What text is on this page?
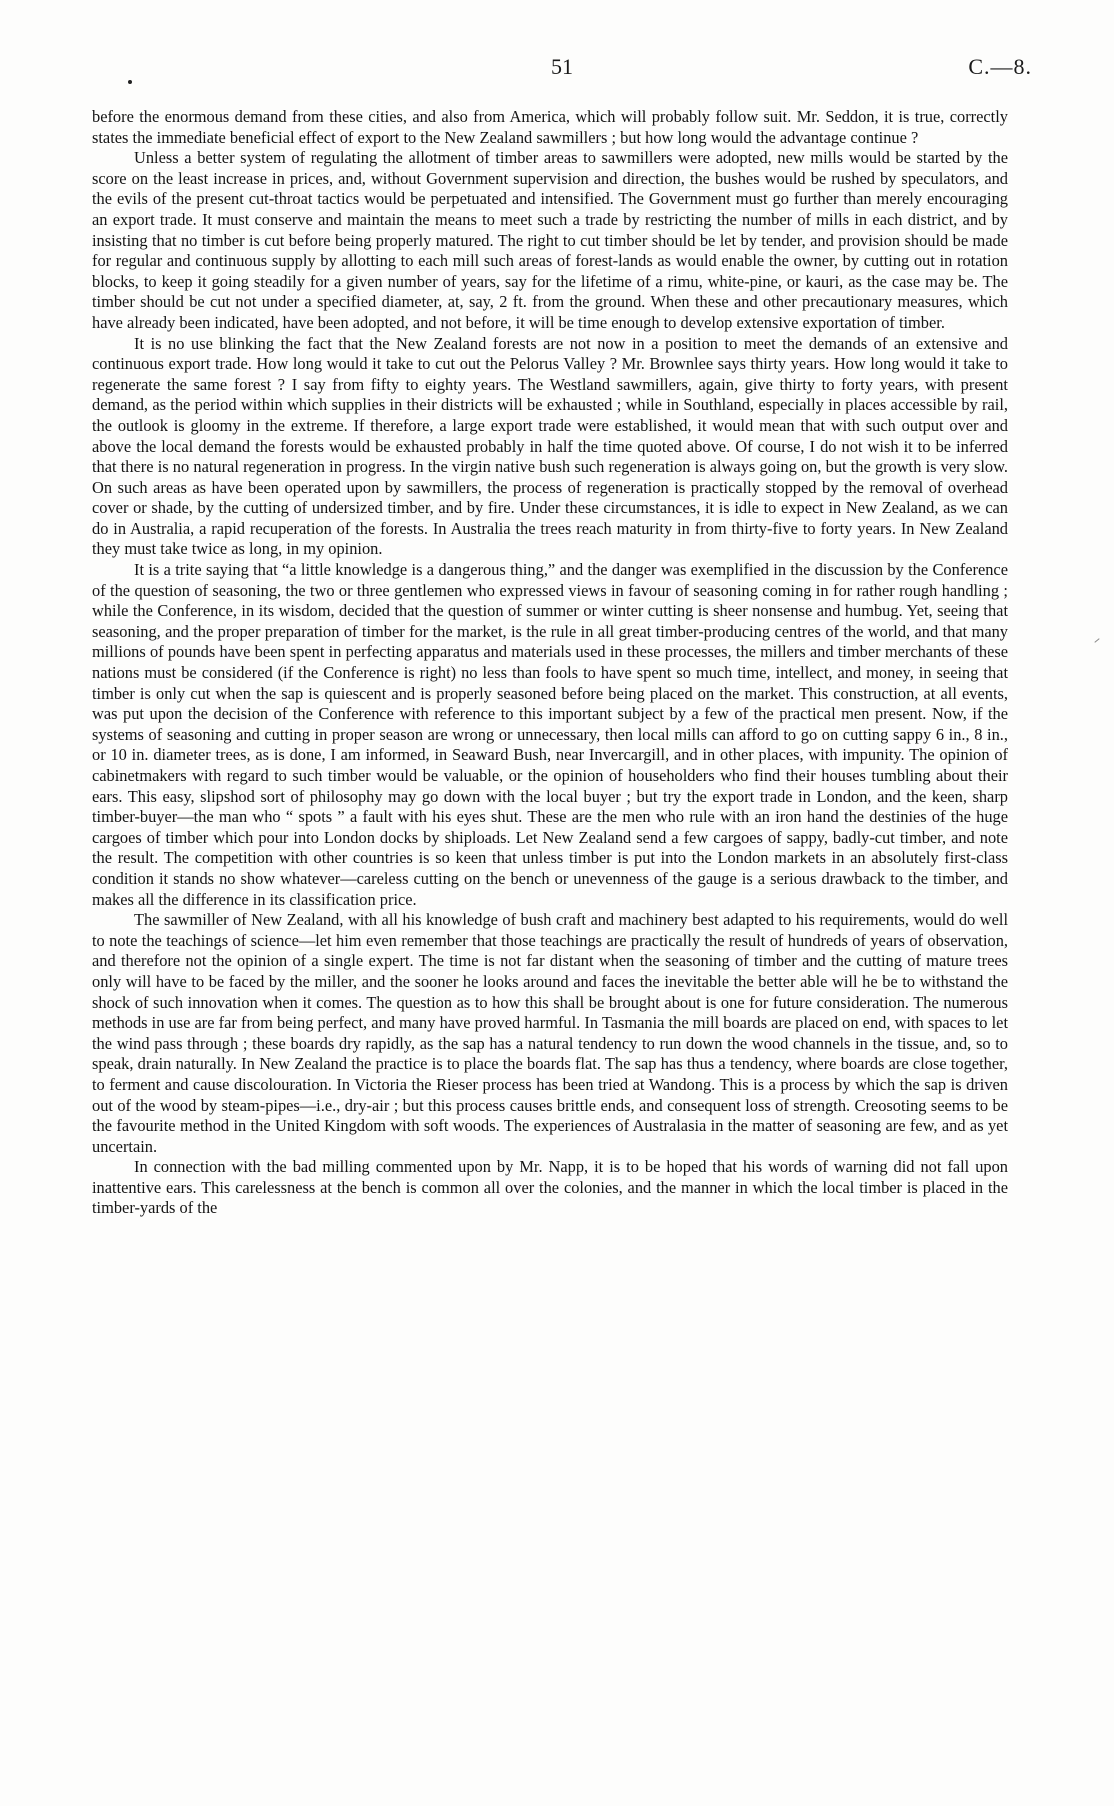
51	C.—8.

before the enormous demand from these cities, and also from America, which will probably follow suit. Mr. Seddon, it is true, correctly states the immediate beneficial effect of export to the New Zealand sawmillers ; but how long would the advantage continue ?

Unless a better system of regulating the allotment of timber areas to sawmillers were adopted, new mills would be started by the score on the least increase in prices, and, without Government supervision and direction, the bushes would be rushed by speculators, and the evils of the present cut-throat tactics would be perpetuated and intensified. The Government must go further than merely encouraging an export trade. It must conserve and maintain the means to meet such a trade by restricting the number of mills in each district, and by insisting that no timber is cut before being properly matured. The right to cut timber should be let by tender, and provision should be made for regular and continuous supply by allotting to each mill such areas of forest-lands as would enable the owner, by cutting out in rotation blocks, to keep it going steadily for a given number of years, say for the lifetime of a rimu, white-pine, or kauri, as the case may be. The timber should be cut not under a specified diameter, at, say, 2 ft. from the ground. When these and other precautionary measures, which have already been indicated, have been adopted, and not before, it will be time enough to develop extensive exportation of timber.

It is no use blinking the fact that the New Zealand forests are not now in a position to meet the demands of an extensive and continuous export trade. How long would it take to cut out the Pelorus Valley ? Mr. Brownlee says thirty years. How long would it take to regenerate the same forest ? I say from fifty to eighty years. The Westland sawmillers, again, give thirty to forty years, with present demand, as the period within which supplies in their districts will be exhausted ; while in Southland, especially in places accessible by rail, the outlook is gloomy in the extreme. If therefore, a large export trade were established, it would mean that with such output over and above the local demand the forests would be exhausted probably in half the time quoted above. Of course, I do not wish it to be inferred that there is no natural regeneration in progress. In the virgin native bush such regeneration is always going on, but the growth is very slow. On such areas as have been operated upon by sawmillers, the process of regeneration is practically stopped by the removal of overhead cover or shade, by the cutting of undersized timber, and by fire. Under these circumstances, it is idle to expect in New Zealand, as we can do in Australia, a rapid recuperation of the forests. In Australia the trees reach maturity in from thirty-five to forty years. In New Zealand they must take twice as long, in my opinion.

It is a trite saying that “a little knowledge is a dangerous thing,” and the danger was exemplified in the discussion by the Conference of the question of seasoning, the two or three gentlemen who expressed views in favour of seasoning coming in for rather rough handling ; while the Conference, in its wisdom, decided that the question of summer or winter cutting is sheer nonsense and humbug. Yet, seeing that seasoning, and the proper preparation of timber for the market, is the rule in all great timber-producing centres of the world, and that many millions of pounds have been spent in perfecting apparatus and materials used in these processes, the millers and timber merchants of these nations must be considered (if the Conference is right) no less than fools to have spent so much time, intellect, and money, in seeing that timber is only cut when the sap is quiescent and is properly seasoned before being placed on the market. This construction, at all events, was put upon the decision of the Conference with reference to this important subject by a few of the practical men present. Now, if the systems of seasoning and cutting in proper season are wrong or unnecessary, then local mills can afford to go on cutting sappy 6 in., 8 in., or 10 in. diameter trees, as is done, I am informed, in Seaward Bush, near Invercargill, and in other places, with impunity. The opinion of cabinetmakers with regard to such timber would be valuable, or the opinion of householders who find their houses tumbling about their ears. This easy, slipshod sort of philosophy may go down with the local buyer ; but try the export trade in London, and the keen, sharp timber-buyer—the man who “ spots ” a fault with his eyes shut. These are the men who rule with an iron hand the destinies of the huge cargoes of timber which pour into London docks by shiploads. Let New Zealand send a few cargoes of sappy, badly-cut timber, and note the result. The competition with other countries is so keen that unless timber is put into the London markets in an absolutely first-class condition it stands no show whatever—careless cutting on the bench or unevenness of the gauge is a serious drawback to the timber, and makes all the difference in its classification price.

The sawmiller of New Zealand, with all his knowledge of bush craft and machinery best adapted to his requirements, would do well to note the teachings of science—let him even remember that those teachings are practically the result of hundreds of years of observation, and therefore not the opinion of a single expert. The time is not far distant when the seasoning of timber and the cutting of mature trees only will have to be faced by the miller, and the sooner he looks around and faces the inevitable the better able will he be to withstand the shock of such innovation when it comes. The question as to how this shall be brought about is one for future consideration. The numerous methods in use are far from being perfect, and many have proved harmful. In Tasmania the mill boards are placed on end, with spaces to let the wind pass through ; these boards dry rapidly, as the sap has a natural tendency to run down the wood channels in the tissue, and, so to speak, drain naturally. In New Zealand the practice is to place the boards flat. The sap has thus a tendency, where boards are close together, to ferment and cause discolouration. In Victoria the Rieser process has been tried at Wandong. This is a process by which the sap is driven out of the wood by steam-pipes—i.e., dry-air ; but this process causes brittle ends, and consequent loss of strength. Creosoting seems to be the favourite method in the United Kingdom with soft woods. The experiences of Australasia in the matter of seasoning are few, and as yet uncertain.

In connection with the bad milling commented upon by Mr. Napp, it is to be hoped that his words of warning did not fall upon inattentive ears. This carelessness at the bench is common all over the colonies, and the manner in which the local timber is placed in the timber-yards of the
